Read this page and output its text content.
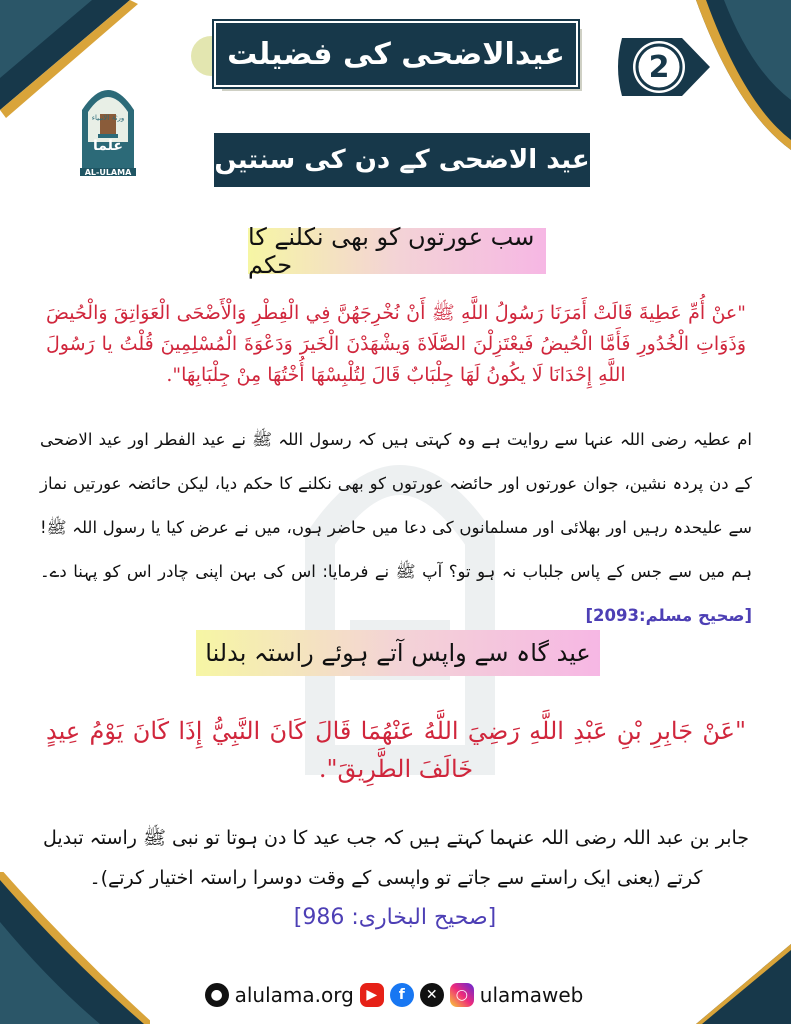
ورثۃ الانبیاء
علما
AL-ULAMA
عیدالاضحی کی فضیلت	2
عید الاضحی کے دن کی سنتیں
سب عورتوں کو بھی نکلنے کا حکم
"عنْ أُمِّ عَطِيةَ قَالَتْ أَمَرَنَا رَسُولُ اللَّهِ ﷺ أَنْ نُخْرِجَهُنَّ فِي الْفِطْرِ وَالْأَضْحَى الْعَوَاتِقَ وَالْحُيضَ وَذَوَاتِ الْخُدُورِ فَأَمَّا الْحُيضُ فَيعْتَزِلْنَ الصَّلَاةَ وَيشْهَدْنَ الْخَيرَ وَدَعْوَةَ الْمُسْلِمِينَ قُلْتُ يا رَسُولَ اللَّهِ إِحْدَانَا لَا يكُونُ لَهَا جِلْبَابٌ قَالَ لِتُلْبِسْهَا أُخْتُهَا مِنْ جِلْبَابِهَا".
ام عطیہ رضی اللہ عنہا سے روایت ہے وہ کہتی ہیں کہ رسول اللہ ﷺ نے عید الفطر اور عید الاضحی کے دن پردہ نشین، جوان عورتوں اور حائضہ عورتوں کو بھی نکلنے کا حکم دیا، لیکن حائضہ عورتیں نماز سے علیحدہ رہیں اور بھلائی اور مسلمانوں کی دعا میں حاضر ہوں، میں نے عرض کیا یا رسول اللہ ﷺ! ہم میں سے جس کے پاس جلباب نہ ہو تو؟ آپ ﷺ نے فرمایا: اس کی بہن اپنی چادر اس کو پہنا دے۔ [صحيح مسلم:2093]
عید گاہ سے واپس آتے ہوئے راستہ بدلنا
"عَنْ جَابِرِ بْنِ عَبْدِ اللَّهِ رَضِيَ اللَّهُ عَنْهُمَا قَالَ كَانَ النَّبِيُّ إِذَا كَانَ يَوْمُ عِيدٍ خَالَفَ الطَّرِيقَ".
جابر بن عبد اللہ رضی اللہ عنہما کہتے ہیں کہ جب عید کا دن ہوتا تو نبی ﷺ راستہ تبدیل کرتے (یعنی ایک راستے سے جاتے تو واپسی کے وقت دوسرا راستہ اختیار کرتے)۔
[صحيح البخاری: 986]
● alulama.org ▶	f	✕	○ ulamaweb
